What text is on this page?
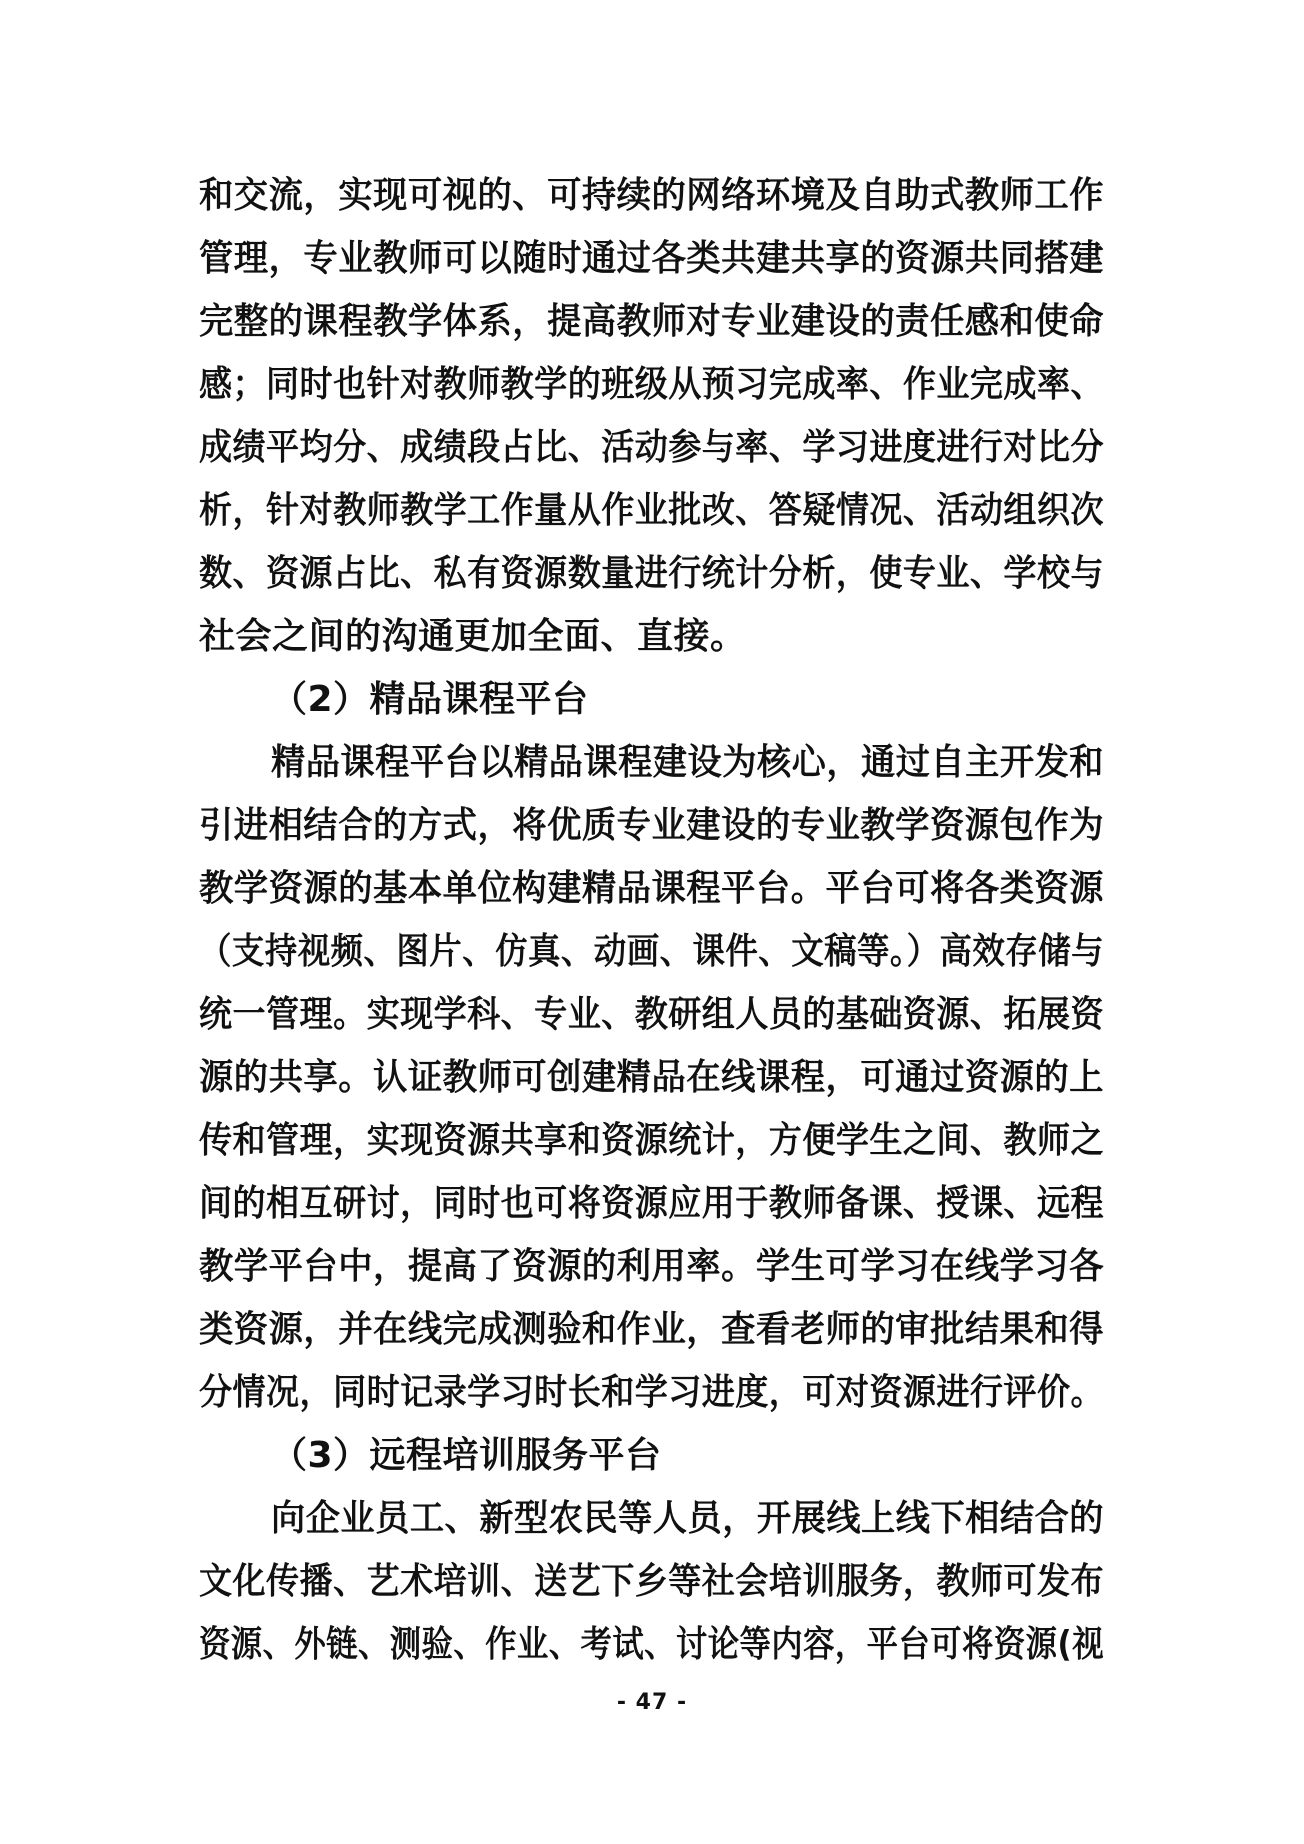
和交流，实现可视的、可持续的网络环境及自助式教师工作
管理，专业教师可以随时通过各类共建共享的资源共同搭建
完整的课程教学体系，提高教师对专业建设的责任感和使命
感；同时也针对教师教学的班级从预习完成率、作业完成率、
成绩平均分、成绩段占比、活动参与率、学习进度进行对比分
析，针对教师教学工作量从作业批改、答疑情况、活动组织次
数、资源占比、私有资源数量进行统计分析，使专业、学校与
社会之间的沟通更加全面、直接。
（2）精品课程平台
精品课程平台以精品课程建设为核心，通过自主开发和
引进相结合的方式，将优质专业建设的专业教学资源包作为
教学资源的基本单位构建精品课程平台。平台可将各类资源
（支持视频、图片、仿真、动画、课件、文稿等。）高效存储与
统一管理。实现学科、专业、教研组人员的基础资源、拓展资
源的共享。认证教师可创建精品在线课程，可通过资源的上
传和管理，实现资源共享和资源统计，方便学生之间、教师之
间的相互研讨，同时也可将资源应用于教师备课、授课、远程
教学平台中，提高了资源的利用率。学生可学习在线学习各
类资源，并在线完成测验和作业，查看老师的审批结果和得
分情况，同时记录学习时长和学习进度，可对资源进行评价。
（3）远程培训服务平台
向企业员工、新型农民等人员，开展线上线下相结合的
文化传播、艺术培训、送艺下乡等社会培训服务，教师可发布
资源、外链、测验、作业、考试、讨论等内容，平台可将资源(视
- 47 -
